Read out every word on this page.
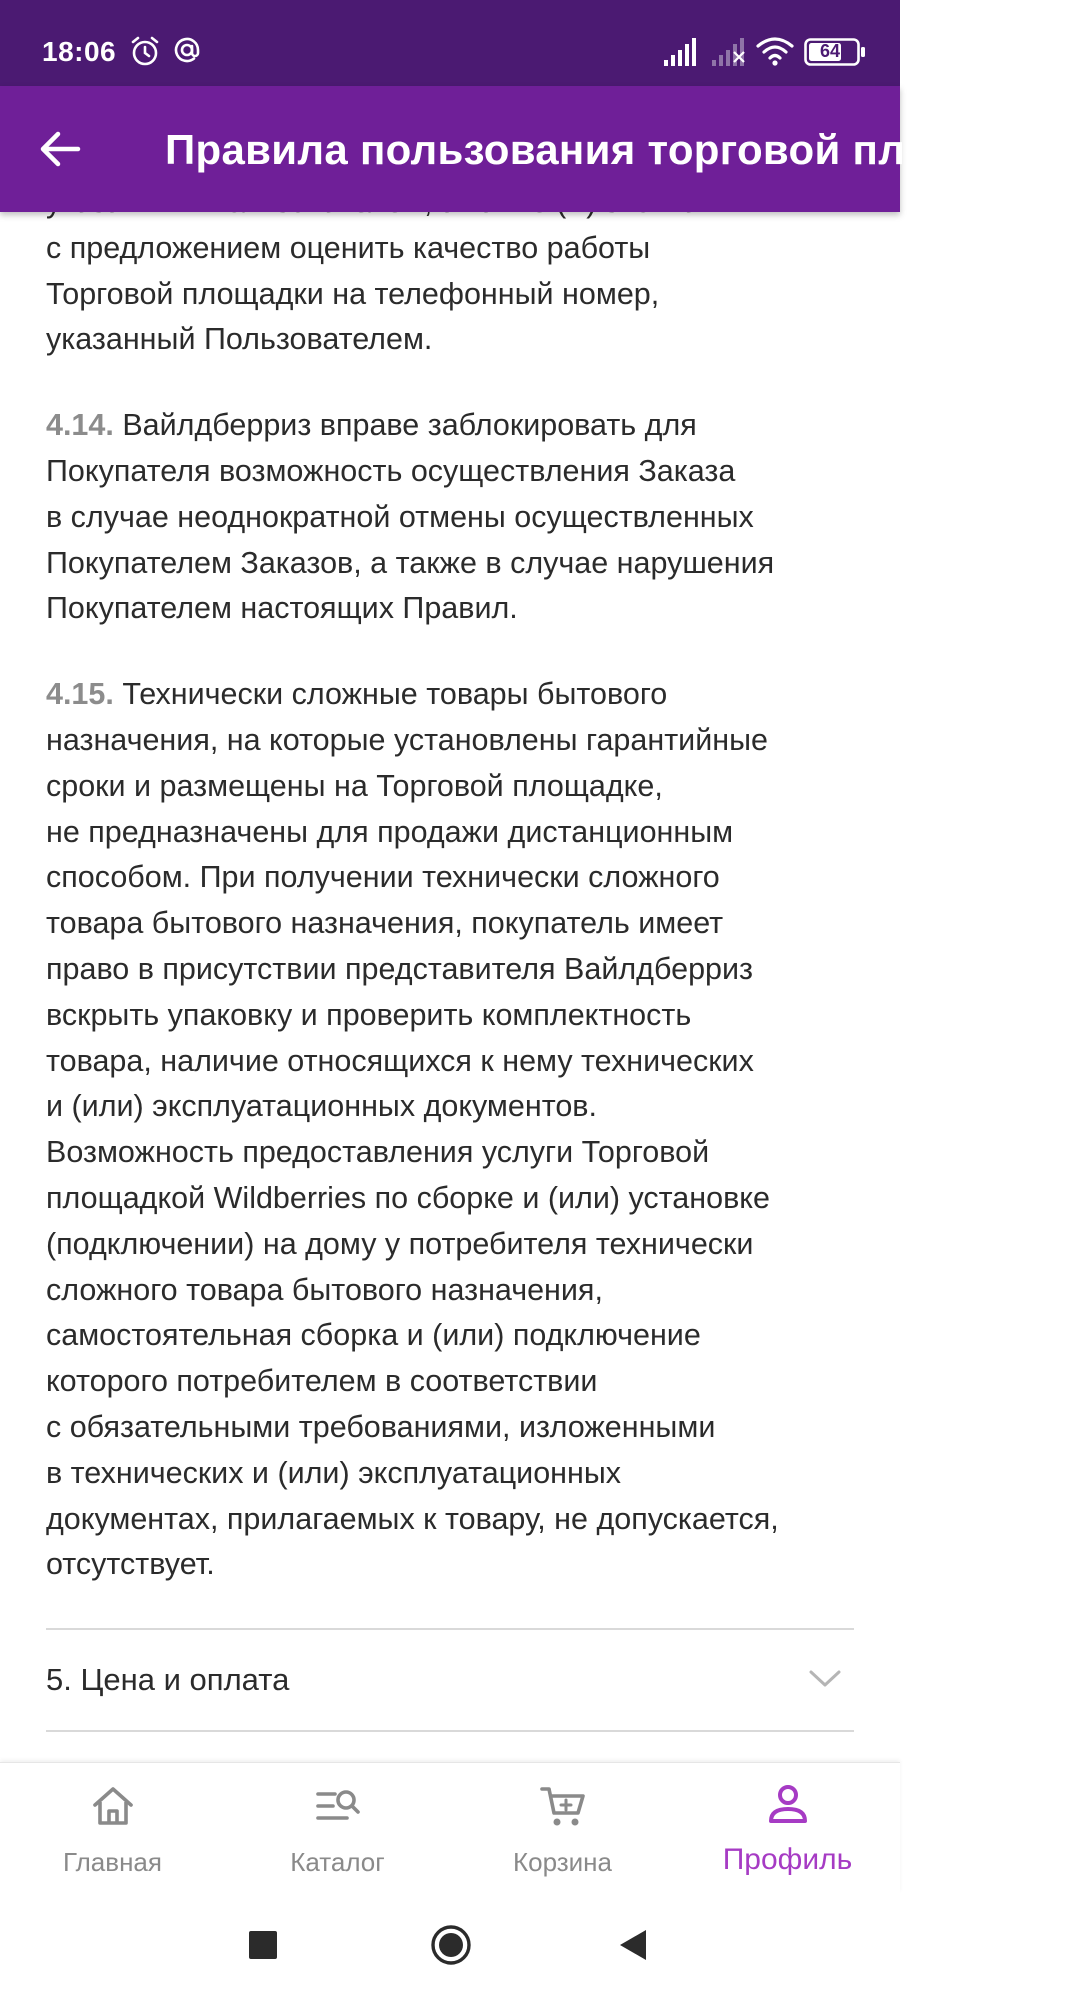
18:06	64
Правила пользования торговой площадкой
с предложением оценить качество работы
Торговой площадки на телефонный номер,
указанный Пользователем.
4.14. Вайлдберриз вправе заблокировать для
Покупателя возможность осуществления Заказа
в случае неоднократной отмены осуществленных
Покупателем Заказов, а также в случае нарушения
Покупателем настоящих Правил.
4.15. Технически сложные товары бытового
назначения, на которые установлены гарантийные
сроки и размещены на Торговой площадке,
не предназначены для продажи дистанционным
способом. При получении технически сложного
товара бытового назначения, покупатель имеет
право в присутствии представителя Вайлдберриз
вскрыть упаковку и проверить комплектность
товара, наличие относящихся к нему технических
и (или) эксплуатационных документов.
Возможность предоставления услуги Торговой
площадкой Wildberries по сборке и (или) установке
(подключении) на дому у потребителя технически
сложного товара бытового назначения,
самостоятельная сборка и (или) подключение
которого потребителем в соответствии
с обязательными требованиями, изложенными
в технических и (или) эксплуатационных
документах, прилагаемых к товару, не допускается,
отсутствует.
5. Цена и оплата
Главная	Каталог	Корзина	Профиль
